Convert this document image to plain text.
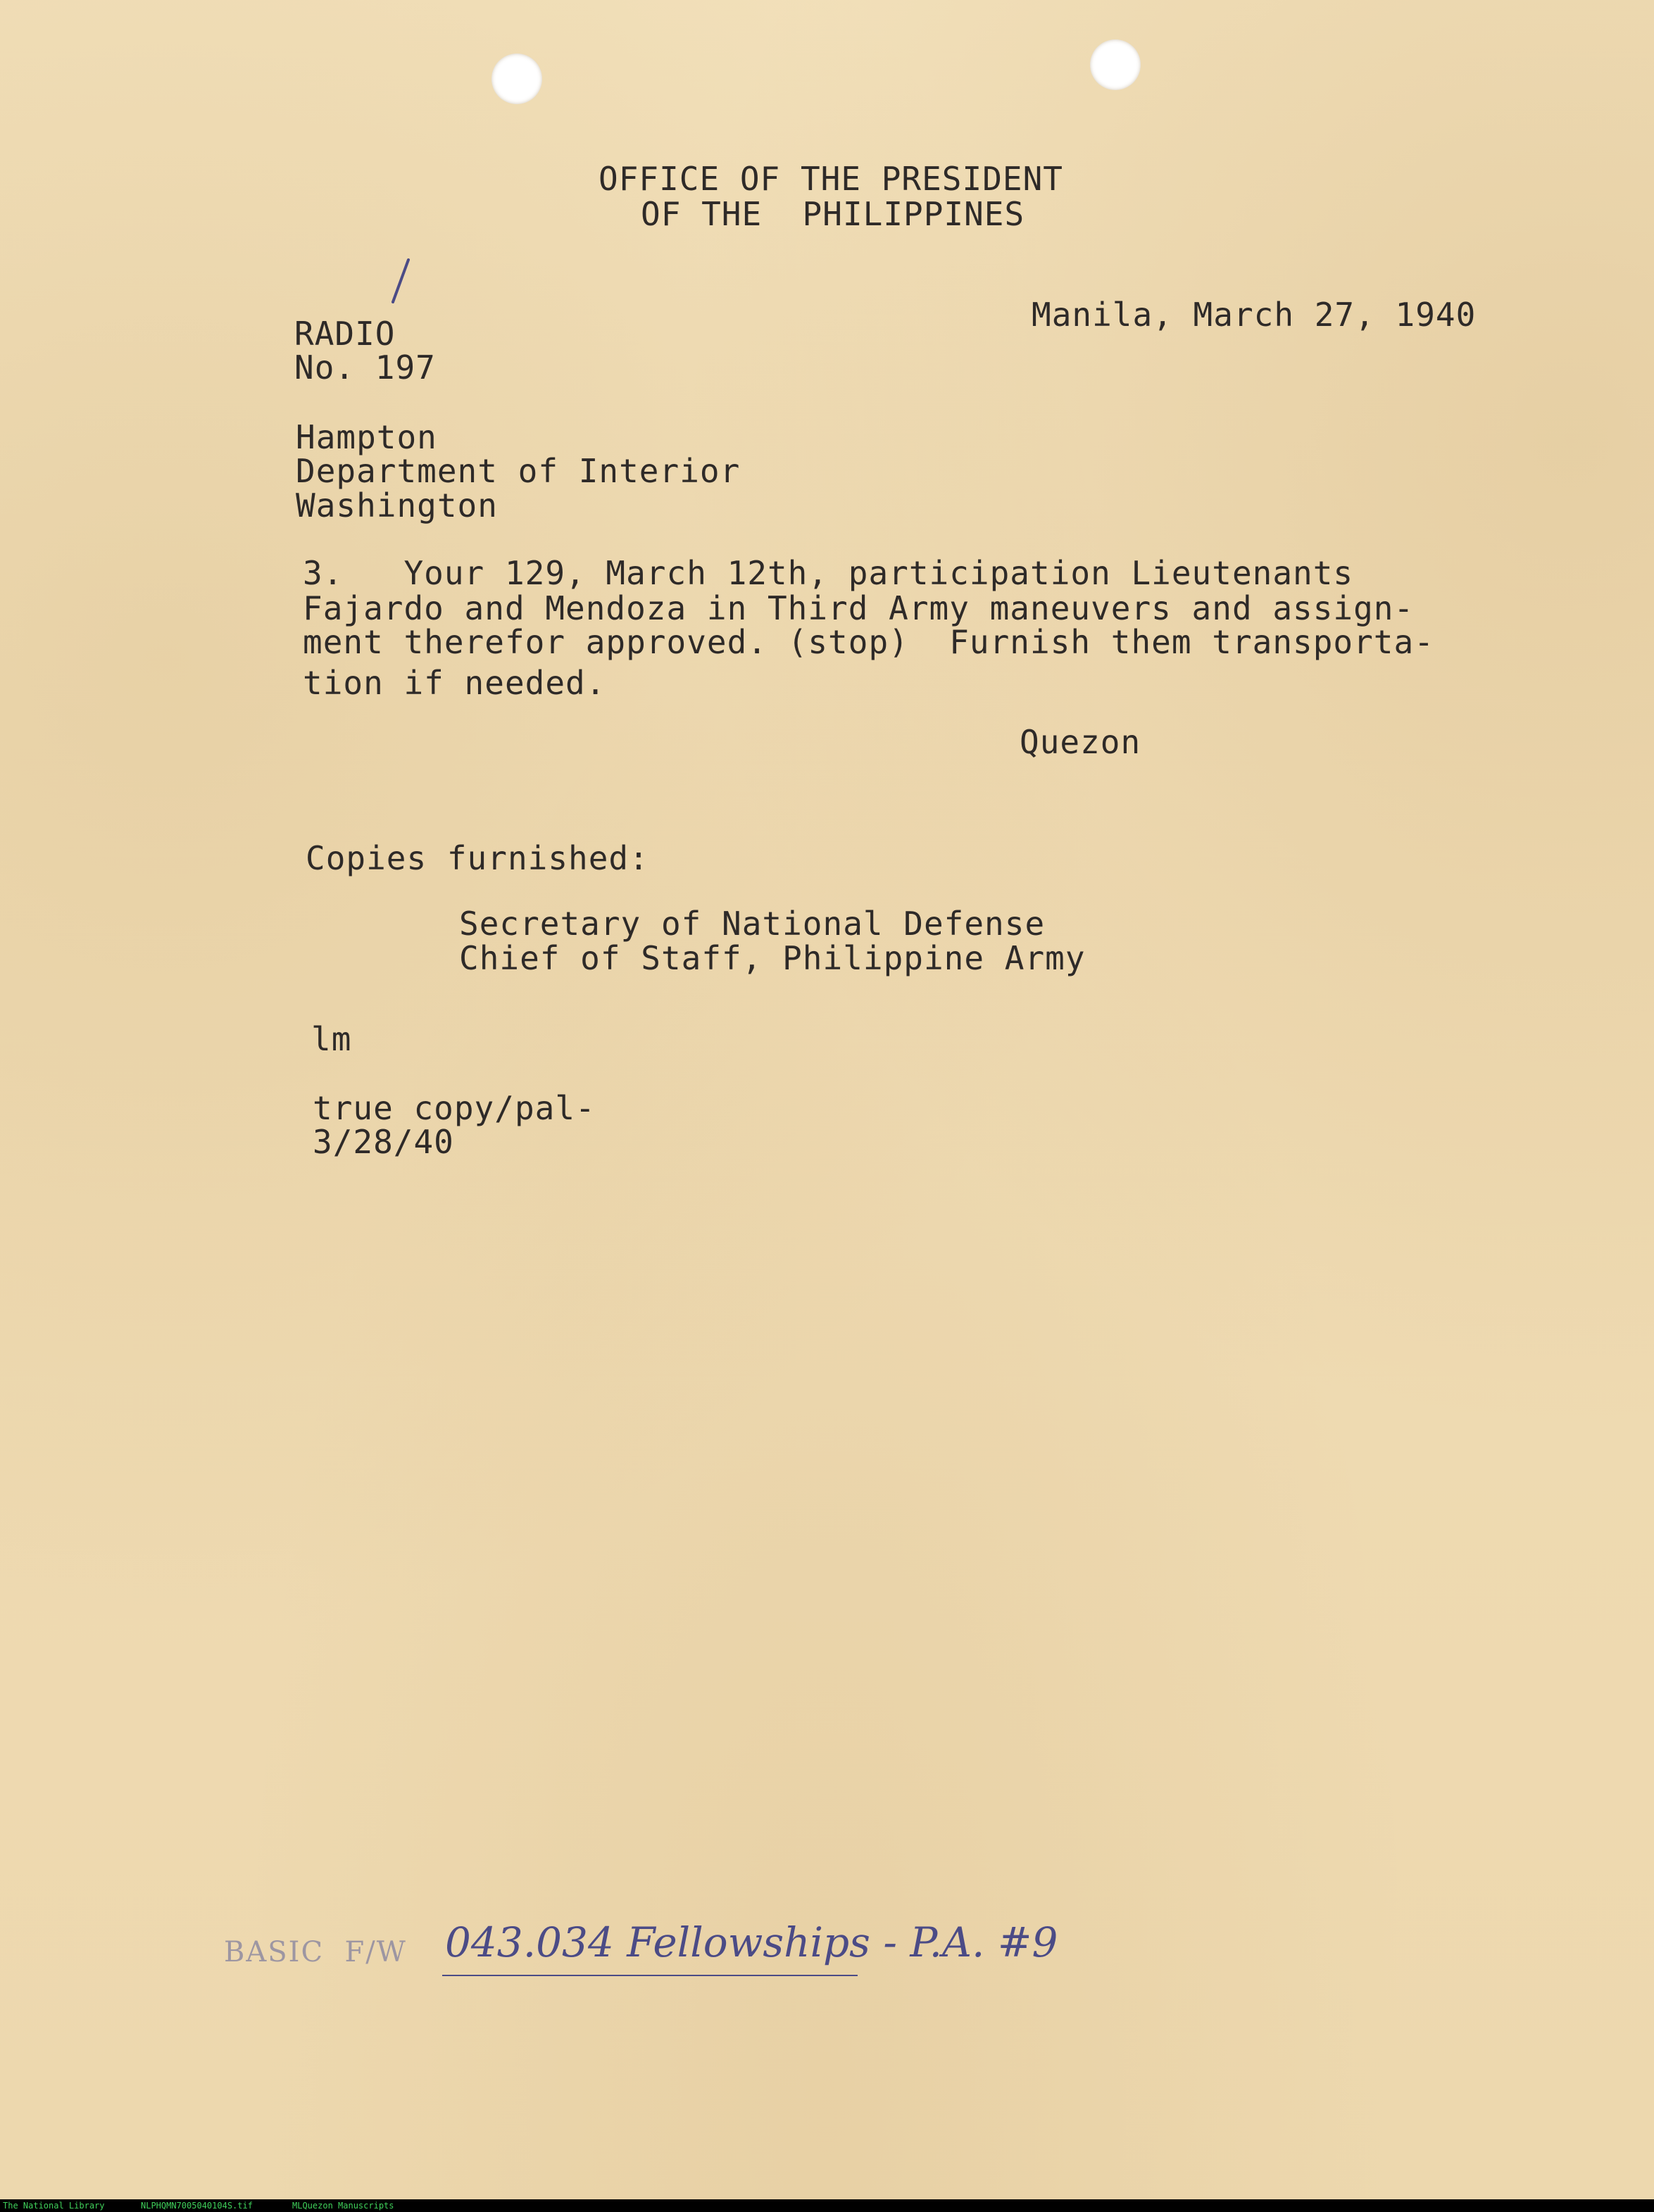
OFFICE OF THE PRESIDENT

OF THE  PHILIPPINES

RADIO

No. 197

Manila, March 27, 1940

Hampton

Department of Interior

Washington

3.   Your 129, March 12th, participation Lieutenants

Fajardo and Mendoza in Third Army maneuvers and assign-

ment therefor approved. (stop)  Furnish them transporta-

tion if needed.

Quezon

Copies furnished:

Secretary of National Defense

Chief of Staff, Philippine Army

lm

true copy/pal-

3/28/40

BASIC  F/W 043.034 Fellowships - P.A. #9

The National Library	NLPHQMN7005040104S.tif	MLQuezon Manuscripts
